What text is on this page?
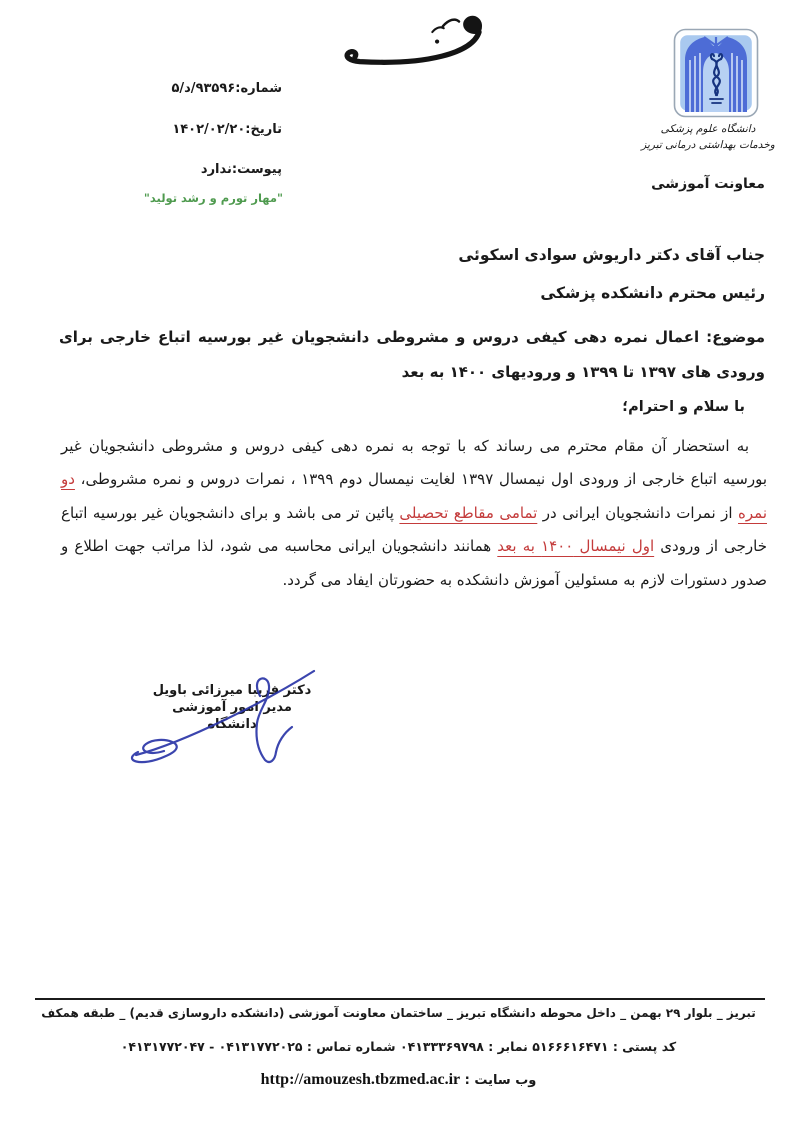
شماره:۹۳۵۹۶/د/۵
تاریخ:۱۴۰۲/۰۲/۲۰
پیوست:ندارد
"مهار تورم و رشد تولید"
دانشگاه علوم پزشکی
وخدمات بهداشتی درمانی تبریز
معاونت آموزشی
جناب آقای دکتر داریوش سوادی اسکوئی
رئیس محترم دانشکده پزشکی
موضوع: اعمال نمره دهی کیفی دروس و مشروطی دانشجویان غیر بورسیه اتباع خارجی برای ورودی های ۱۳۹۷ تا ۱۳۹۹ و ورودیهای ۱۴۰۰ به بعد
با سلام و احترام؛

به استحضار آن مقام محترم می رساند که با توجه به نمره دهی کیفی دروس و مشروطی دانشجویان غیر بورسیه اتباع خارجی از ورودی اول نیمسال ۱۳۹۷ لغایت نیمسال دوم ۱۳۹۹ ، نمرات دروس و نمره مشروطی، دو نمره از نمرات دانشجویان ایرانی در تمامی مقاطع تحصیلی پائین تر می باشد و برای دانشجویان غیر بورسیه اتباع خارجی از ورودی اول نیمسال ۱۴۰۰ به بعد همانند دانشجویان ایرانی محاسبه می شود، لذا مراتب جهت اطلاع و صدور دستورات لازم به مسئولین آموزش دانشکده به حضورتان ایفاد می گردد.

دکتر فریبا میرزائی باویل
مدیر امور آموزشی دانشگاه
تبریز _ بلوار ۲۹ بهمن _ داخل محوطه دانشگاه تبریز _ ساختمان معاونت آموزشی (دانشکده داروسازی قدیم) _ طبقه همکف
کد پستی : ۵۱۶۶۶۱۶۴۷۱ نمابر : ۰۴۱۳۳۳۶۹۷۹۸ شماره تماس : ۰۴۱۳۱۷۷۲۰۲۵ - ۰۴۱۳۱۷۷۲۰۴۷
وب سایت : http://amouzesh.tbzmed.ac.ir
